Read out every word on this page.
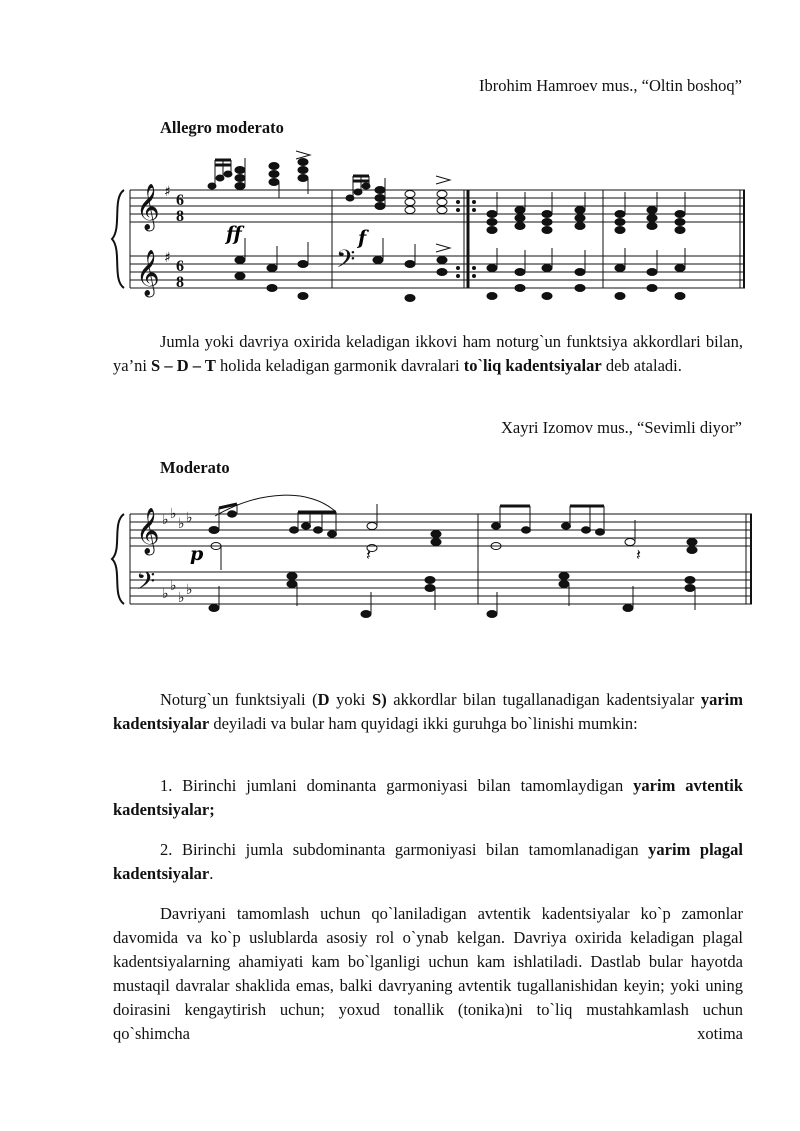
Ibrohim Hamroev mus., “Oltin boshoq”
Allegro moderato
𝄞
𝄞	𝄢
♯
♯
6
8
6
8
ff	f

Jumla yoki davriya oxirida keladigan ikkovi ham noturg`un funktsiya akkordlari bilan, ya’ni S – D – T holida keladigan garmonik davralari to`liq kadentsiyalar deb ataladi.

Xayri Izomov mus., “Sevimli diyor”
Moderato
𝄞
𝄢
♭ ♭
♭ ♭
♭ ♭
♭ ♭
𝄽	𝄽
p

Noturg`un funktsiyali (D yoki S) akkordlar bilan tugallanadigan kadentsiyalar yarim kadentsiyalar deyiladi va bular ham quyidagi ikki guruhga bo`linishi mumkin:

1. Birinchi jumlani dominanta garmoniyasi bilan tamomlaydigan yarim avtentik kadentsiyalar;

2. Birinchi jumla subdominanta garmoniyasi bilan tamomlanadigan yarim plagal kadentsiyalar.

Davriyani tamomlash uchun qo`laniladigan avtentik kadentsiyalar ko`p zamonlar davomida va ko`p uslublarda asosiy rol o`ynab kelgan. Davriya oxirida keladigan plagal kadentsiyalarning ahamiyati kam bo`lganligi uchun kam ishlatiladi. Dastlab bular hayotda mustaqil davralar shaklida emas, balki davryaning avtentik tugallanishidan keyin; yoki uning doirasini kengaytirish uchun; yoxud tonallik (tonika)ni to`liq mustahkamlash uchun qo`shimcha xotima
